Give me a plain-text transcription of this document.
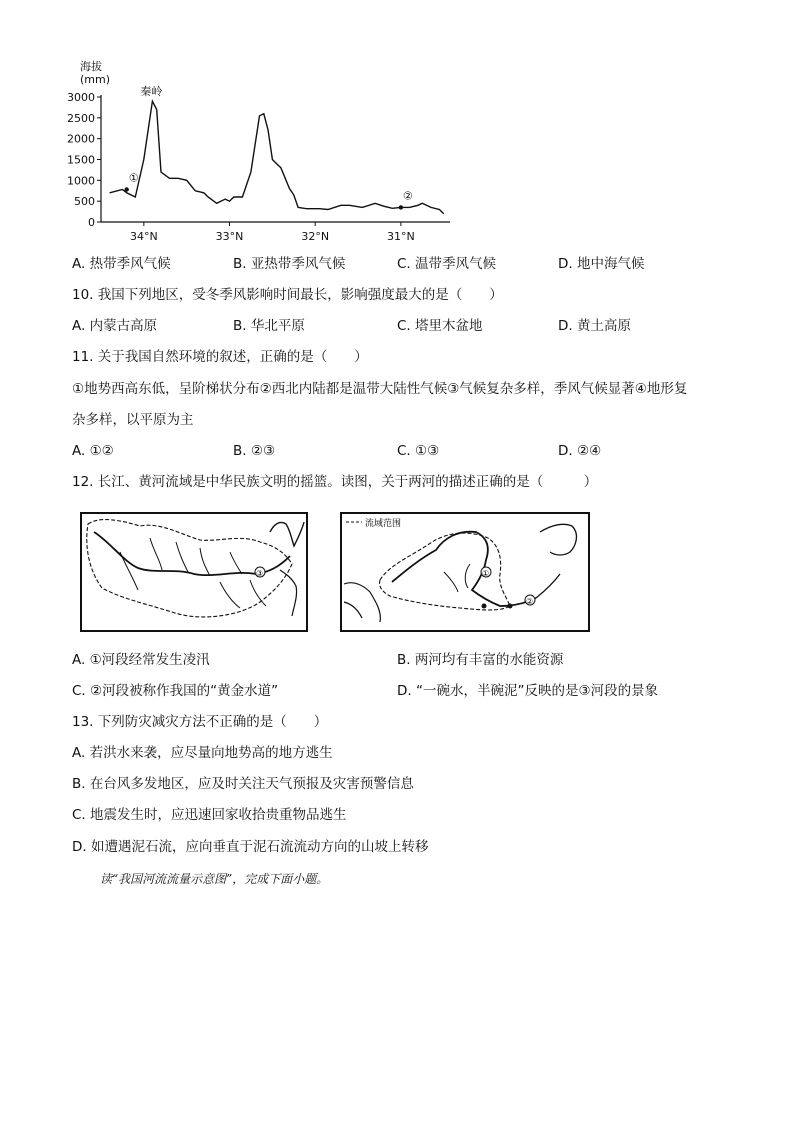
海拔
(mm)
3000
2500
2000
1500
1000
500
0
34°N	33°N	32°N	31°N
秦岭
①
②
A. 热带季风气候	B. 亚热带季风气候	C. 温带季风气候	D. 地中海气候
10. 我国下列地区，受冬季风影响时间最长，影响强度最大的是（　　）
A. 内蒙古高原	B. 华北平原	C. 塔里木盆地	D. 黄土高原
11. 关于我国自然环境的叙述，正确的是（　　）
①地势西高东低，呈阶梯状分布②西北内陆都是温带大陆性气候③气候复杂多样，季风气候显著④地形复
杂多样，以平原为主
A. ①②	B. ②③	C. ①③	D. ②④
12. 长江、黄河流域是中华民族文明的摇篮。读图，关于两河的描述正确的是（　　　）
③
流域范围
①
②
A. ①河段经常发生凌汛	B. 两河均有丰富的水能资源
C. ②河段被称作我国的“黄金水道”	D. “一碗水，半碗泥”反映的是③河段的景象
13. 下列防灾减灾方法不正确的是（　　）
A. 若洪水来袭，应尽量向地势高的地方逃生
B. 在台风多发地区，应及时关注天气预报及灾害预警信息
C. 地震发生时，应迅速回家收拾贵重物品逃生
D. 如遭遇泥石流，应向垂直于泥石流流动方向的山坡上转移
读“我国河流流量示意图”，完成下面小题。
